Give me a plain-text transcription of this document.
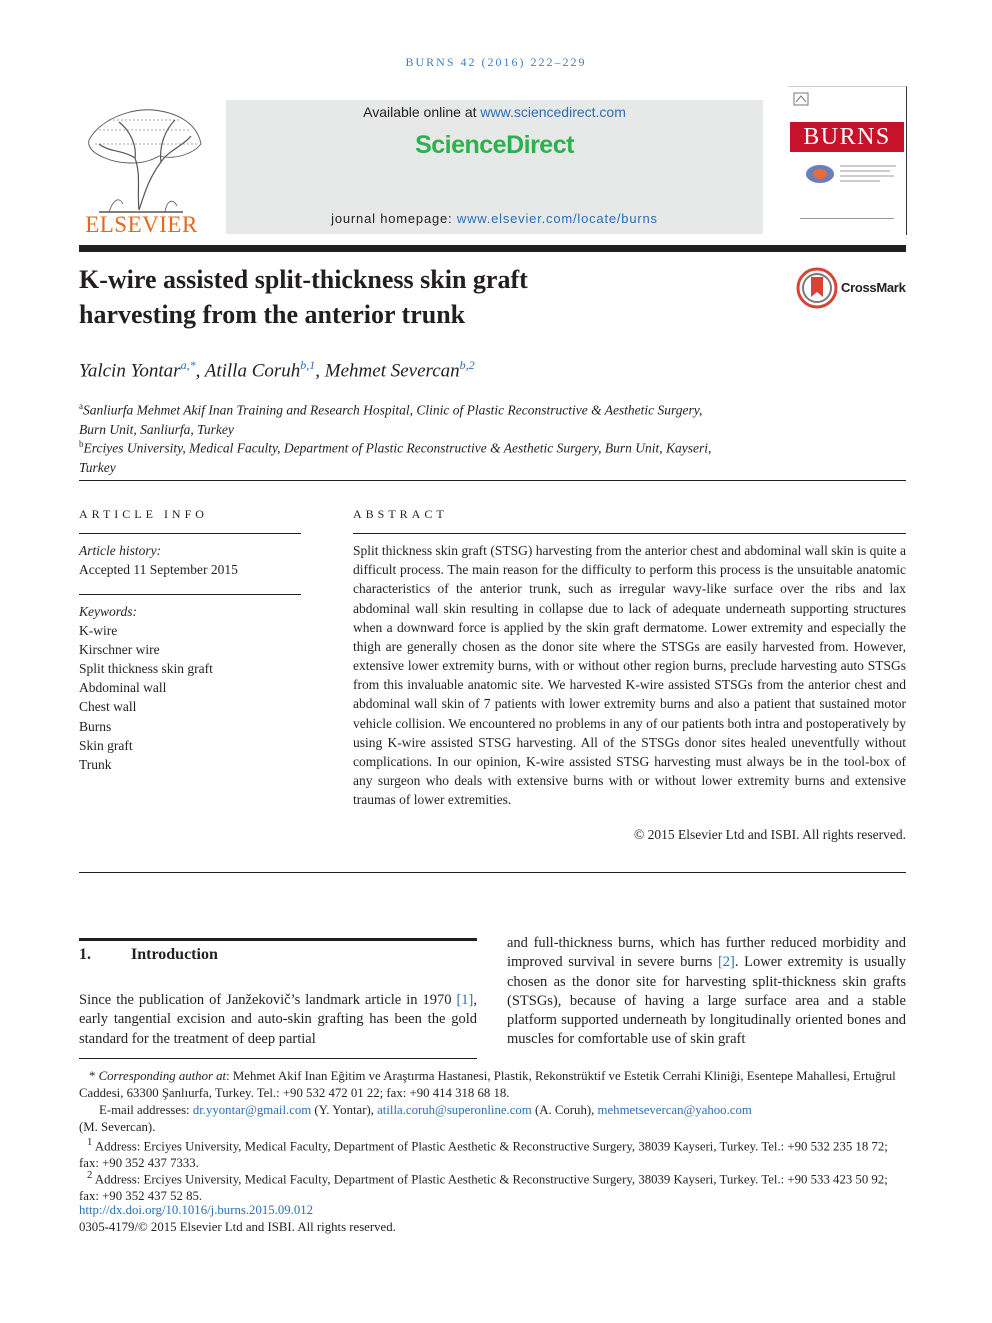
BURNS 42 (2016) 222–229
ELSEVIER
Available online at www.sciencedirect.com
ScienceDirect
journal homepage: www.elsevier.com/locate/burns
BURNS
K-wire assisted split-thickness skin graft
harvesting from the anterior trunk
CrossMark
Yalcin Yontar$^{a,*}$, Atilla Coruh$^{b,1}$, Mehmet Severcan$^{b,2}$
$^a$Sanliurfa Mehmet Akif Inan Training and Research Hospital, Clinic of Plastic Reconstructive & Aesthetic Surgery,
Burn Unit, Sanliurfa, Turkey
$^b$Erciyes University, Medical Faculty, Department of Plastic Reconstructive & Aesthetic Surgery, Burn Unit, Kayseri,
Turkey
ARTICLE INFO
Article history:
Accepted 11 September 2015
Keywords:
K-wire
Kirschner wire
Split thickness skin graft
Abdominal wall
Chest wall
Burns
Skin graft
Trunk
ABSTRACT
Split thickness skin graft (STSG) harvesting from the anterior chest and abdominal wall skin is quite a difficult process. The main reason for the difficulty to perform this process is the unsuitable anatomic characteristics of the anterior trunk, such as irregular wavy-like surface over the ribs and lax abdominal wall skin resulting in collapse due to lack of adequate underneath supporting structures when a downward force is applied by the skin graft dermatome. Lower extremity and especially the thigh are generally chosen as the donor site where the STSGs are easily harvested from. However, extensive lower extremity burns, with or without other region burns, preclude harvesting auto STSGs from this invaluable anatomic site. We harvested K-wire assisted STSGs from the anterior chest and abdominal wall skin of 7 patients with lower extremity burns and also a patient that sustained motor vehicle collision. We encountered no problems in any of our patients both intra and postoperatively by using K-wire assisted STSG harvesting. All of the STSGs donor sites healed uneventfully without complications. In our opinion, K-wire assisted STSG harvesting must always be in the tool-box of any surgeon who deals with extensive burns with or without lower extremity burns and extensive traumas of lower extremities.
© 2015 Elsevier Ltd and ISBI. All rights reserved.
1.	Introduction
Since the publication of Janžekovič’s landmark article in 1970 [1], early tangential excision and auto-skin grafting has been the gold standard for the treatment of deep partial
and full-thickness burns, which has further reduced morbidity and improved survival in severe burns [2]. Lower extremity is usually chosen as the donor site for harvesting split-thickness skin grafts (STSGs), because of having a large surface area and a stable platform supported underneath by longitudinally oriented bones and muscles for comfortable use of skin graft
* Corresponding author at: Mehmet Akif Inan Eğitim ve Araştırma Hastanesi, Plastik, Rekonstrüktif ve Estetik Cerrahi Kliniği, Esentepe Mahallesi, Ertuğrul Caddesi, 63300 Şanlıurfa, Turkey. Tel.: +90 532 472 01 22; fax: +90 414 318 68 18.
E-mail addresses: dr.yyontar@gmail.com (Y. Yontar), atilla.coruh@superonline.com (A. Coruh), mehmetsevercan@yahoo.com
(M. Severcan).
$^1$ Address: Erciyes University, Medical Faculty, Department of Plastic Aesthetic & Reconstructive Surgery, 38039 Kayseri, Turkey. Tel.: +90 532 235 18 72; fax: +90 352 437 7333.
$^2$ Address: Erciyes University, Medical Faculty, Department of Plastic Aesthetic & Reconstructive Surgery, 38039 Kayseri, Turkey. Tel.: +90 533 423 50 92; fax: +90 352 437 52 85.
http://dx.doi.org/10.1016/j.burns.2015.09.012
0305-4179/© 2015 Elsevier Ltd and ISBI. All rights reserved.
